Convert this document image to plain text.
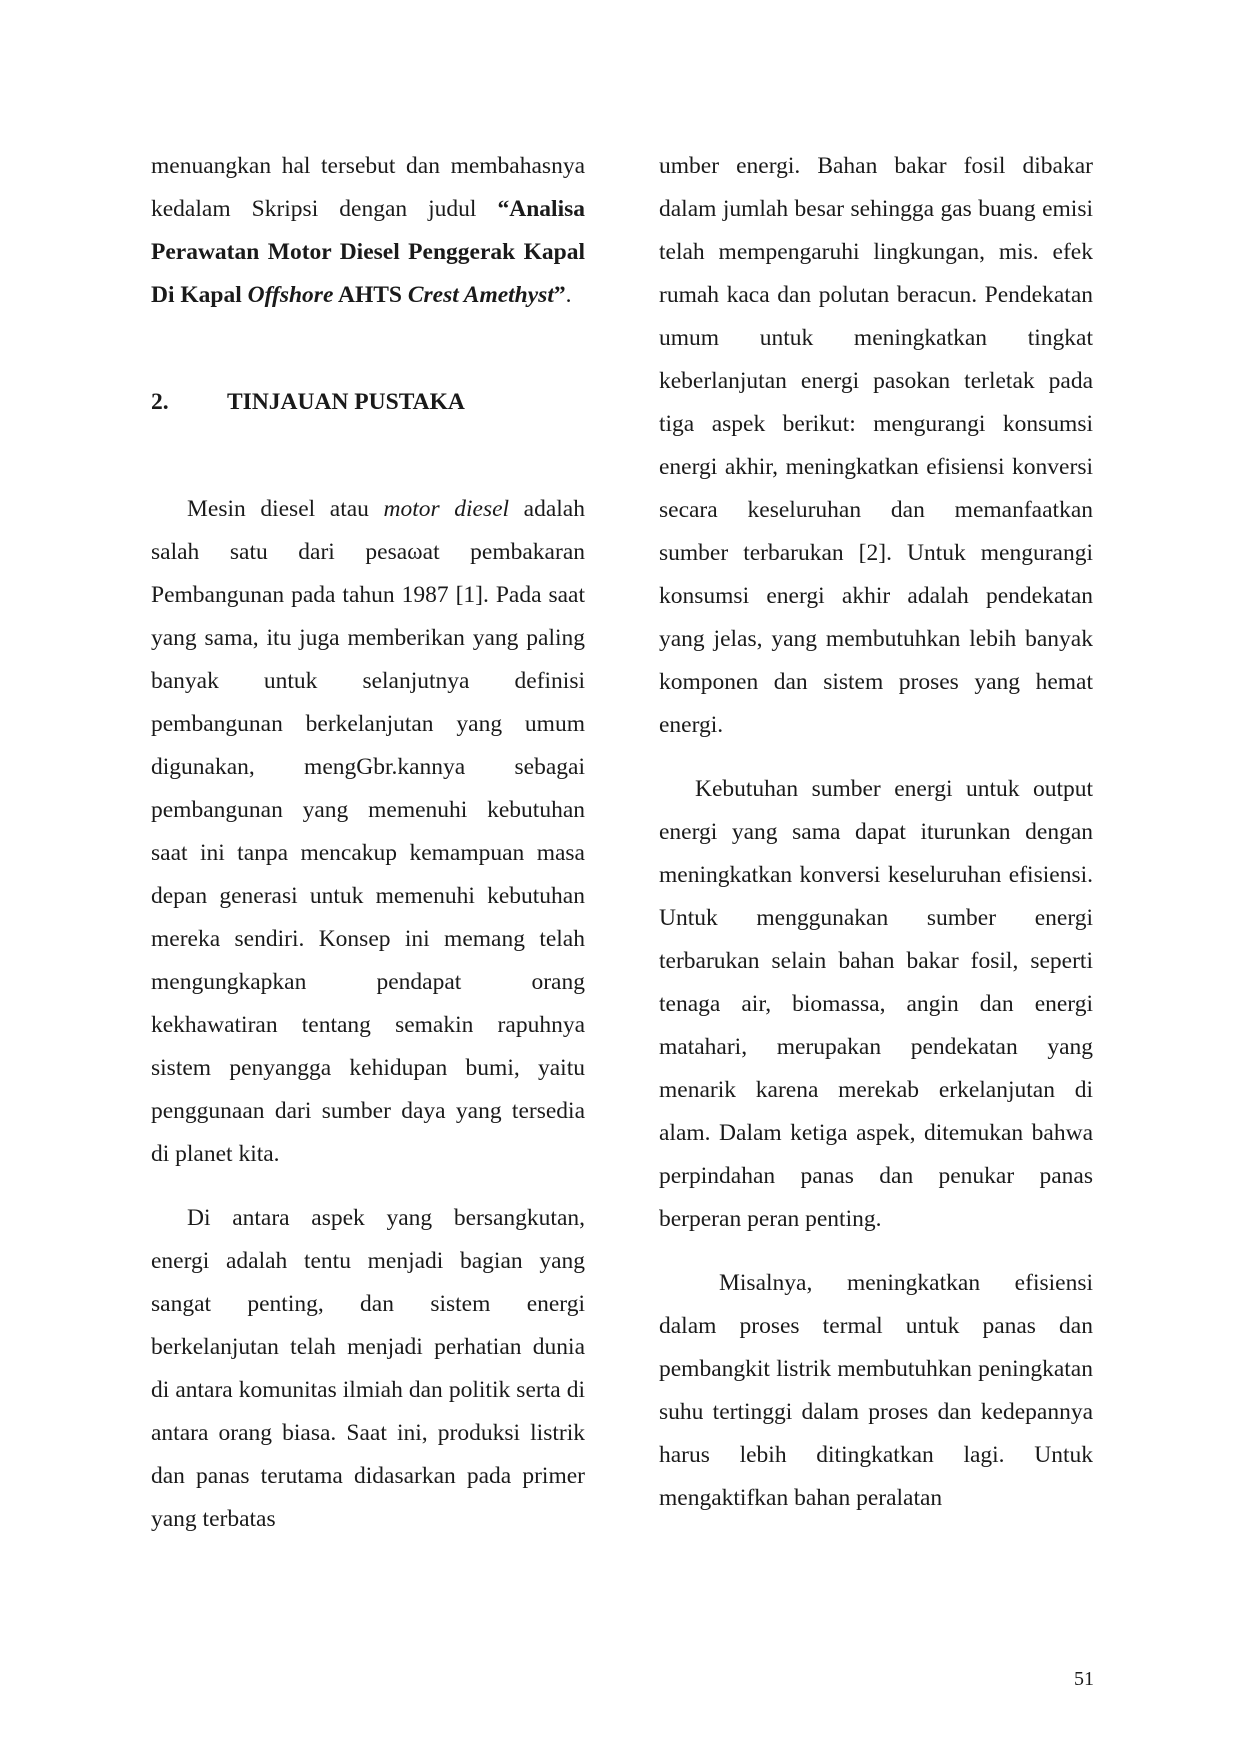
menuangkan hal tersebut dan membahasnya kedalam Skripsi dengan judul “Analisa Perawatan Motor Diesel Penggerak Kapal Di Kapal Offshore AHTS Crest Amethyst”.

2.	TINJAUAN PUSTAKA

Mesin diesel atau motor diesel adalah salah satu dari pesaωat pembakaran Pembangunan pada tahun 1987 [1]. Pada saat yang sama, itu juga memberikan yang paling banyak untuk selanjutnya definisi pembangunan berkelanjutan yang umum digunakan, mengGbr.kannya sebagai pembangunan yang memenuhi kebutuhan saat ini tanpa mencakup kemampuan masa depan generasi untuk memenuhi kebutuhan mereka sendiri. Konsep ini memang telah mengungkapkan pendapat orang kekhawatiran tentang semakin rapuhnya sistem penyangga kehidupan bumi, yaitu penggunaan dari sumber daya yang tersedia di planet kita.

Di antara aspek yang bersangkutan, energi adalah tentu menjadi bagian yang sangat penting, dan sistem energi berkelanjutan telah menjadi perhatian dunia di antara komunitas ilmiah dan politik serta di antara orang biasa. Saat ini, produksi listrik dan panas terutama didasarkan pada primer yang terbatas

umber energi. Bahan bakar fosil dibakar dalam jumlah besar sehingga gas buang emisi telah mempengaruhi lingkungan, mis. efek rumah kaca dan polutan beracun. Pendekatan umum untuk meningkatkan tingkat keberlanjutan energi pasokan terletak pada tiga aspek berikut: mengurangi konsumsi energi akhir, meningkatkan efisiensi konversi secara keseluruhan dan memanfaatkan sumber terbarukan [2]. Untuk mengurangi konsumsi energi akhir adalah pendekatan yang jelas, yang membutuhkan lebih banyak komponen dan sistem proses yang hemat energi.

Kebutuhan sumber energi untuk output energi yang sama dapat iturunkan dengan meningkatkan konversi keseluruhan efisiensi. Untuk menggunakan sumber energi terbarukan selain bahan bakar fosil, seperti tenaga air, biomassa, angin dan energi matahari, merupakan pendekatan yang menarik karena merekab erkelanjutan di alam. Dalam ketiga aspek, ditemukan bahwa perpindahan panas dan penukar panas berperan peran penting.

Misalnya, meningkatkan efisiensi dalam proses termal untuk panas dan pembangkit listrik membutuhkan peningkatan suhu tertinggi dalam proses dan kedepannya harus lebih ditingkatkan lagi. Untuk mengaktifkan bahan peralatan

51
